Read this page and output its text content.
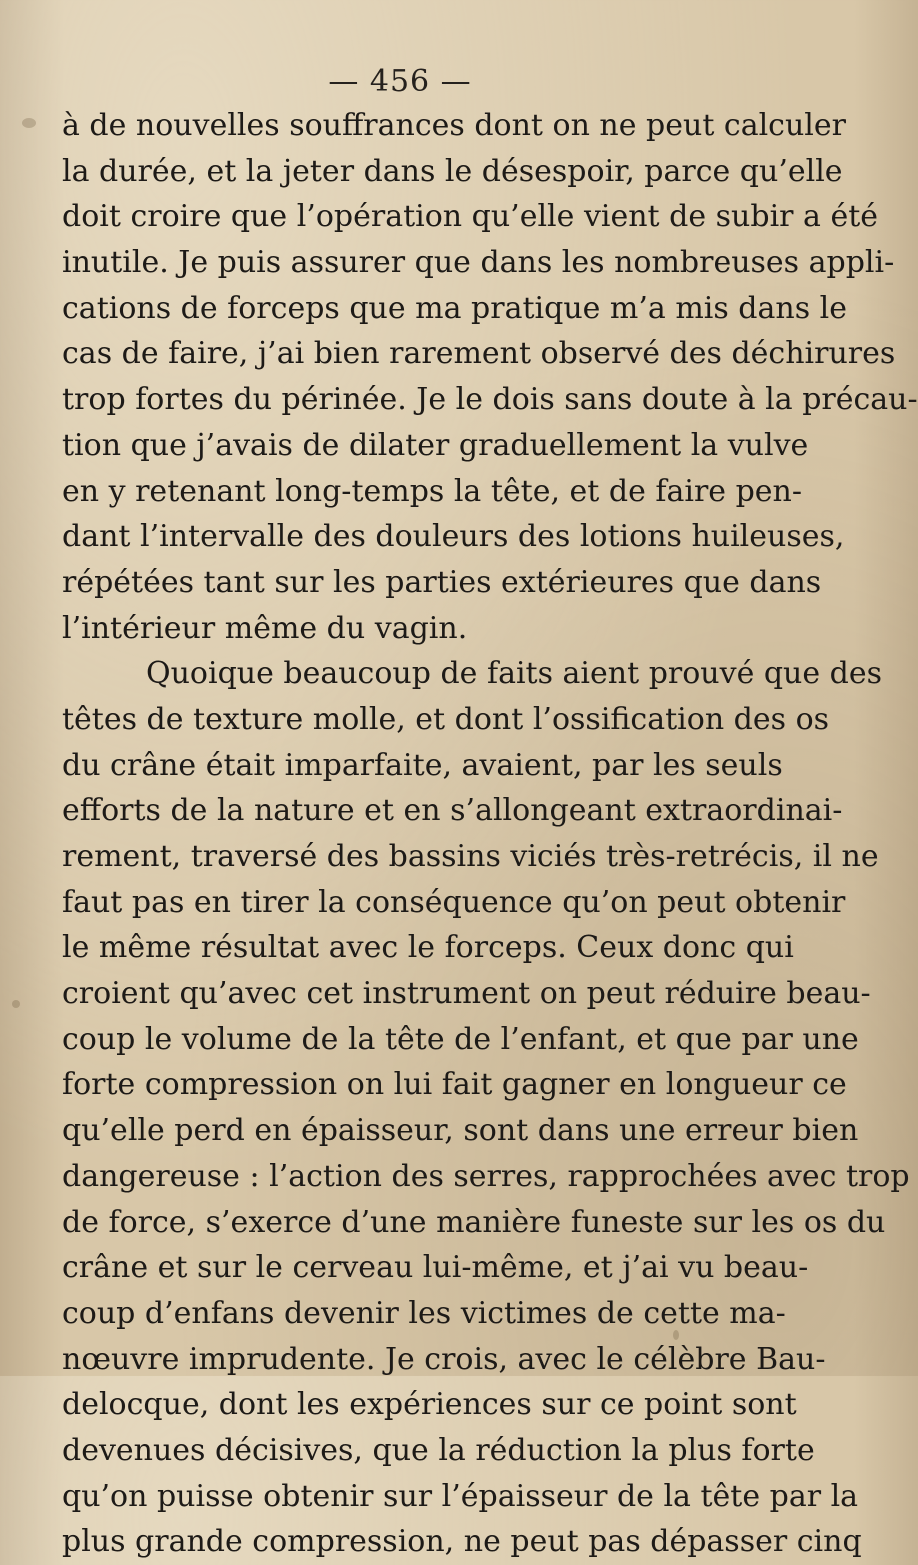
— 456 —
à de nouvelles souffrances dont on ne peut calculer
la durée, et la jeter dans le désespoir, parce qu’elle
doit croire que l’opération qu’elle vient de subir a été
inutile. Je puis assurer que dans les nombreuses appli-
cations de forceps que ma pratique m’a mis dans le
cas de faire, j’ai bien rarement observé des déchirures
trop fortes du périnée. Je le dois sans doute à la précau-
tion que j’avais de dilater graduellement la vulve
en y retenant long-temps la tête, et de faire pen-
dant l’intervalle des douleurs des lotions huileuses,
répétées tant sur les parties extérieures que dans
l’intérieur même du vagin.
Quoique beaucoup de faits aient prouvé que des
têtes de texture molle, et dont l’ossification des os
du crâne était imparfaite, avaient, par les seuls
efforts de la nature et en s’allongeant extraordinai-
rement, traversé des bassins viciés très-retrécis, il ne
faut pas en tirer la conséquence qu’on peut obtenir
le même résultat avec le forceps. Ceux donc qui
croient qu’avec cet instrument on peut réduire beau-
coup le volume de la tête de l’enfant, et que par une
forte compression on lui fait gagner en longueur ce
qu’elle perd en épaisseur, sont dans une erreur bien
dangereuse : l’action des serres, rapprochées avec trop
de force, s’exerce d’une manière funeste sur les os du
crâne et sur le cerveau lui-même, et j’ai vu beau-
coup d’enfans devenir les victimes de cette ma-
nœuvre imprudente. Je crois, avec le célèbre Bau-
delocque, dont les expériences sur ce point sont
devenues décisives, que la réduction la plus forte
qu’on puisse obtenir sur l’épaisseur de la tête par la
plus grande compression, ne peut pas dépasser cinq
